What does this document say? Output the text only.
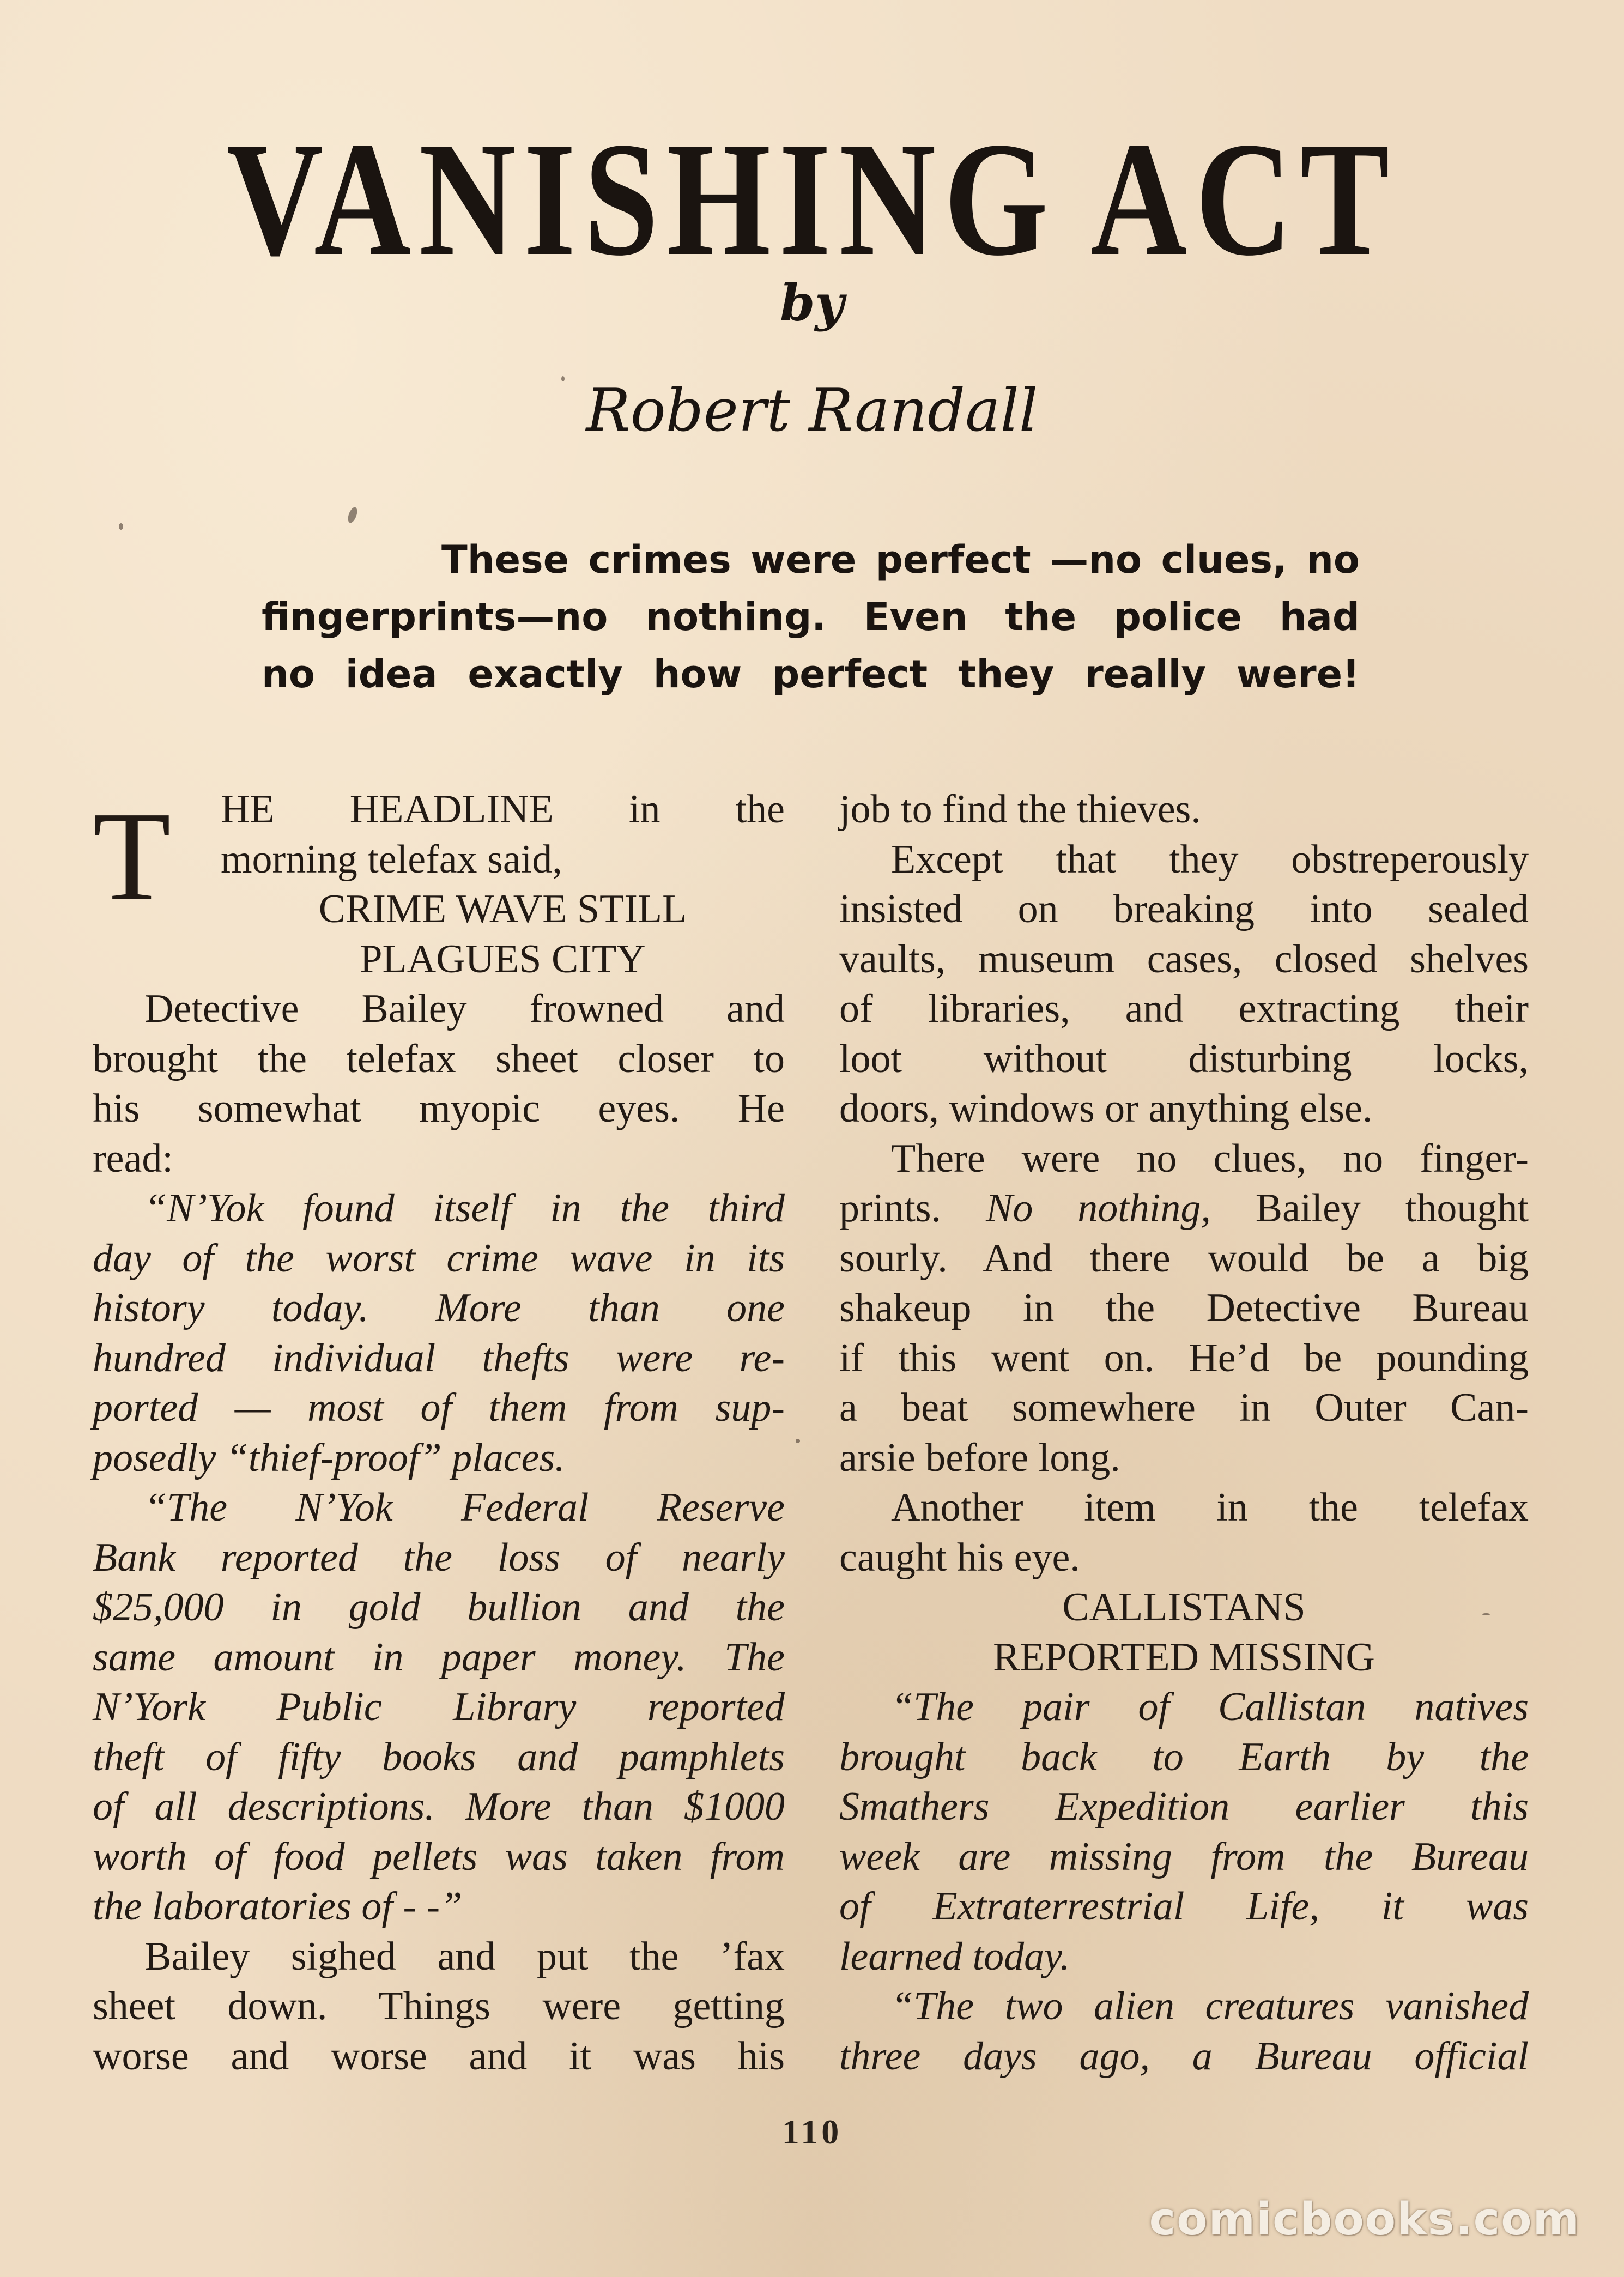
VANISHING ACT
by
Robert Randall
These crimes were perfect —no clues, no
fingerprints—no nothing. Even the police had
no idea exactly how perfect they really were!
T	HE HEADLINE in the
morning telefax said,
CRIME WAVE STILL
PLAGUES CITY
Detective Bailey frowned and
brought the telefax sheet closer to
his somewhat myopic eyes. He
read:
“N’Yok found itself in the third
day of the worst crime wave in its
history today. More than one
hundred individual thefts were re-
ported — most of them from sup-
posedly “thief-proof” places.
“The N’Yok Federal Reserve
Bank reported the loss of nearly
$25,000 in gold bullion and the
same amount in paper money. The
N’York Public Library reported
theft of fifty books and pamphlets
of all descriptions. More than $1000
worth of food pellets was taken from
the laboratories of - -”
Bailey sighed and put the ’fax
sheet down. Things were getting
worse and worse and it was his
job to find the thieves.
Except that they obstreperously
insisted on breaking into sealed
vaults, museum cases, closed shelves
of libraries, and extracting their
loot without disturbing locks,
doors, windows or anything else.
There were no clues, no finger-
prints. No nothing, Bailey thought
sourly. And there would be a big
shakeup in the Detective Bureau
if this went on. He’d be pounding
a beat somewhere in Outer Can-
arsie before long.
Another item in the telefax
caught his eye.
CALLISTANS
REPORTED MISSING
“The pair of Callistan natives
brought back to Earth by the
Smathers Expedition earlier this
week are missing from the Bureau
of Extraterrestrial Life, it was
learned today.
“The two alien creatures vanished
three days ago, a Bureau official
110
comicbooks.com
